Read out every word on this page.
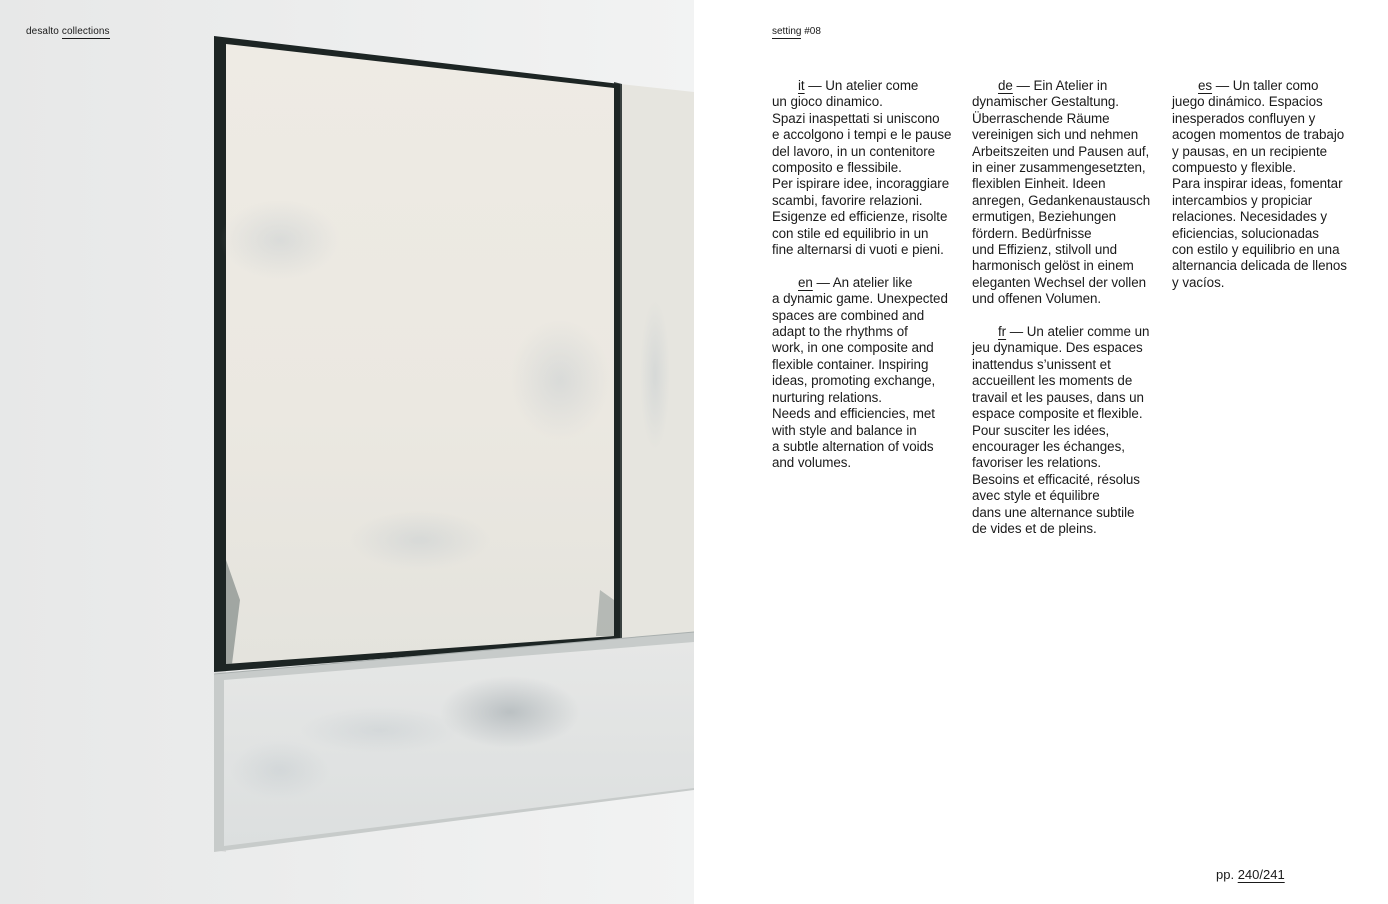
desalto collections	setting #08
it — Un atelier come
un gioco dinamico.
Spazi inaspettati si uniscono
e accolgono i tempi e le pause
del lavoro, in un contenitore
composito e flessibile.
Per ispirare idee, incoraggiare
scambi, favorire relazioni.
Esigenze ed efficienze, risolte
con stile ed equilibrio in un
fine alternarsi di vuoti e pieni.
en — An atelier like
a dynamic game. Unexpected
spaces are combined and
adapt to the rhythms of
work, in one composite and
flexible container. Inspiring
ideas, promoting exchange,
nurturing relations.
Needs and efficiencies, met
with style and balance in
a subtle alternation of voids
and volumes.
de — Ein Atelier in
dynamischer Gestaltung.
Überraschende Räume
vereinigen sich und nehmen
Arbeitszeiten und Pausen auf,
in einer zusammengesetzten,
flexiblen Einheit. Ideen
anregen, Gedankenaustausch
ermutigen, Beziehungen
fördern. Bedürfnisse
und Effizienz, stilvoll und
harmonisch gelöst in einem
eleganten Wechsel der vollen
und offenen Volumen.
fr — Un atelier comme un
jeu dynamique. Des espaces
inattendus s’unissent et
accueillent les moments de
travail et les pauses, dans un
espace composite et flexible.
Pour susciter les idées,
encourager les échanges,
favoriser les relations.
Besoins et efficacité, résolus
avec style et équilibre
dans une alternance subtile
de vides et de pleins.
es — Un taller como
juego dinámico. Espacios
inesperados confluyen y
acogen momentos de trabajo
y pausas, en un recipiente
compuesto y flexible.
Para inspirar ideas, fomentar
intercambios y propiciar
relaciones. Necesidades y
eficiencias, solucionadas
con estilo y equilibrio en una
alternancia delicada de llenos
y vacíos.
pp. 240/241
